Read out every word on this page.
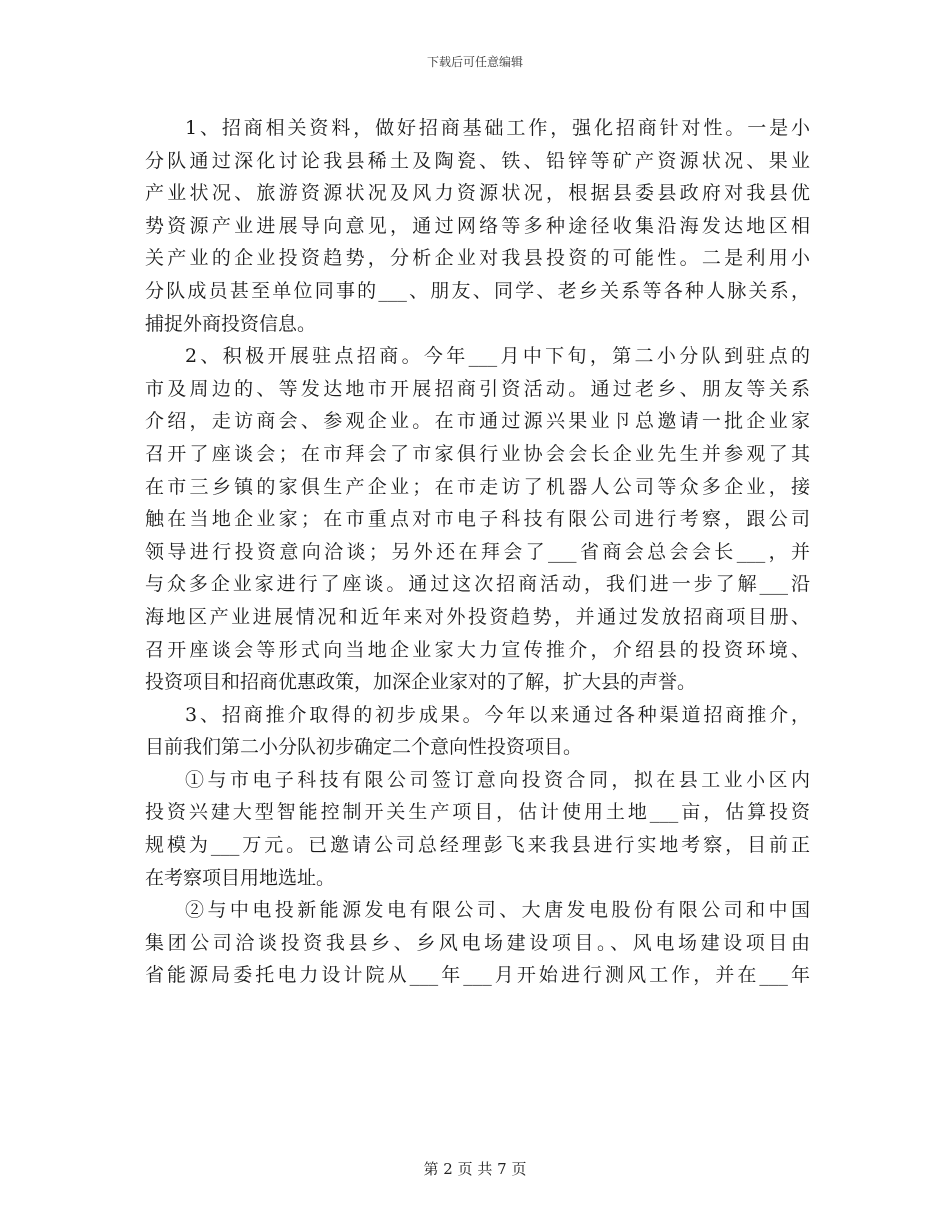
下载后可任意编辑
1、招商相关资料，做好招商基础工作，强化招商针对性。一是小
分队通过深化讨论我县稀土及陶瓷、铁、铅锌等矿产资源状况、果业
产业状况、旅游资源状况及风力资源状况，根据县委县政府对我县优
势资源产业进展导向意见，通过网络等多种途径收集沿海发达地区相
关产业的企业投资趋势，分析企业对我县投资的可能性。二是利用小
分队成员甚至单位同事的___、朋友、同学、老乡关系等各种人脉关系，
捕捉外商投资信息。
2、积极开展驻点招商。今年___月中下旬，第二小分队到驻点的
市及周边的、等发达地市开展招商引资活动。通过老乡、朋友等关系
介绍，走访商会、参观企业。在市通过源兴果业卪总邀请一批企业家
召开了座谈会；在市拜会了市家俱行业协会会长企业先生并参观了其
在市三乡镇的家俱生产企业；在市走访了机器人公司等众多企业，接
触在当地企业家；在市重点对市电子科技有限公司进行考察，跟公司
领导进行投资意向洽谈；另外还在拜会了___省商会总会会长___，并
与众多企业家进行了座谈。通过这次招商活动，我们进一步了解___沿
海地区产业进展情况和近年来对外投资趋势，并通过发放招商项目册、
召开座谈会等形式向当地企业家大力宣传推介，介绍县的投资环境、
投资项目和招商优惠政策，加深企业家对的了解，扩大县的声誉。
3、招商推介取得的初步成果。今年以来通过各种渠道招商推介，
目前我们第二小分队初步确定二个意向性投资项目。
①与市电子科技有限公司签订意向投资合同，拟在县工业小区内
投资兴建大型智能控制开关生产项目，估计使用土地___亩，估算投资
规模为___万元。已邀请公司总经理彭飞来我县进行实地考察，目前正
在考察项目用地选址。
②与中电投新能源发电有限公司、大唐发电股份有限公司和中国
集团公司洽谈投资我县乡、乡风电场建设项目。、风电场建设项目由
省能源局委托电力设计院从___年___月开始进行测风工作，并在___年
第 2 页 共 7 页
